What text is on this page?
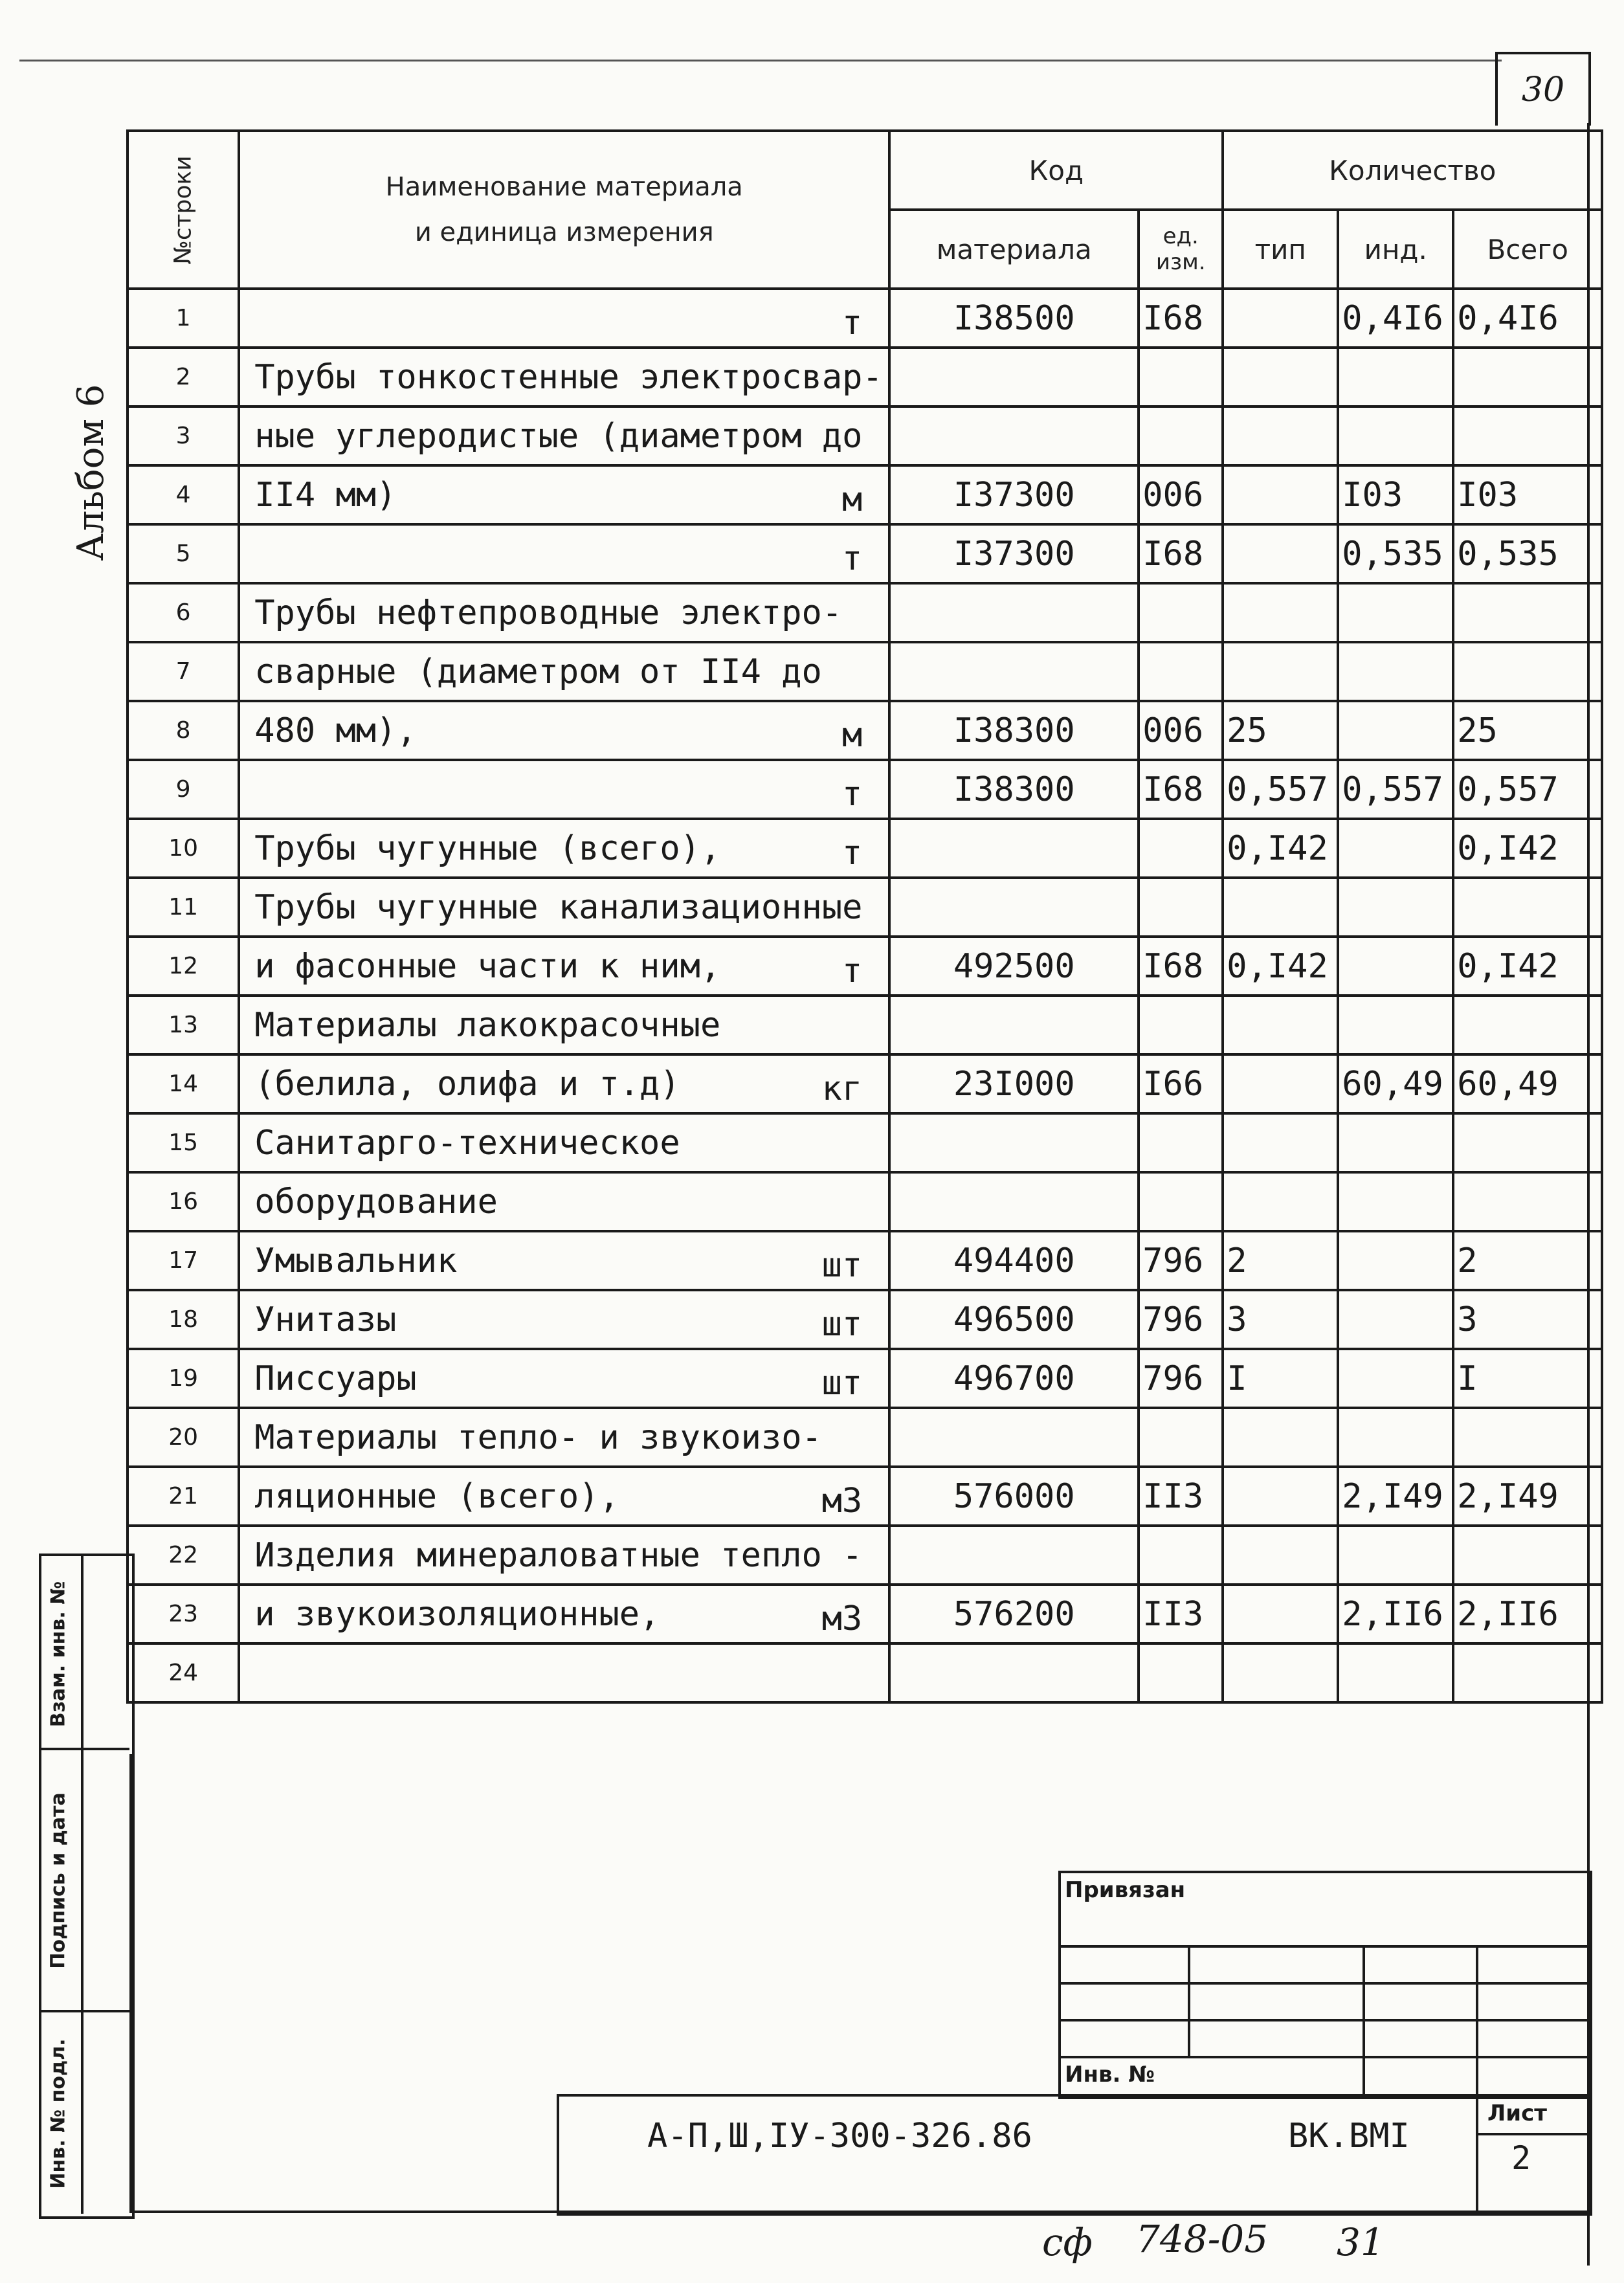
30
Альбом 6
№строки	Наименование материала
и единица измерения	Код		Количество		
		материала	ед. изм.	тип	инд.	Всего
1	т	I38500	I68		0,4I6	0,4I6
2	Трубы тонкостенные электросвар-

3	ные углеродистые (диаметром до

4	II4 мм) м	I37300	006		I03	I03
5	т	I37300	I68		0,535	0,535
6	Трубы нефтепроводные электро-

7	сварные (диаметром от II4 до

8	480 мм), м	I38300	006	25		25
9	т	I38300	I68	0,557	0,557	0,557
10	Трубы чугунные (всего), т			0,I42		0,I42
11	Трубы чугунные канализационные

12	и фасонные части к ним, т	492500	I68	0,I42		0,I42
13	Материалы лакокрасочные

14	(белила, олифа и т.д) кг	23I000	I66		60,49	60,49
15	Санитарго-техническое

16	оборудование

17	Умывальник шт	494400	796	2		2
18	Унитазы шт	496500	796	3		3
19	Писсуары шт	496700	796	I		I
20	Материалы тепло- и звукоизо-

21	ляционные (всего), м3	576000	II3		2,I49	2,I49
22	Изделия минераловатные тепло -

23	и звукоизоляционные, м3	576200	II3		2,II6	2,II6
24	

Взам. инв. №
Подпись и дата
Инв. № подл.
Привязан
Инв. №
А-П,Ш,IУ-300-326.86	ВК.ВМI
Лист
2
сф 748-05 31
